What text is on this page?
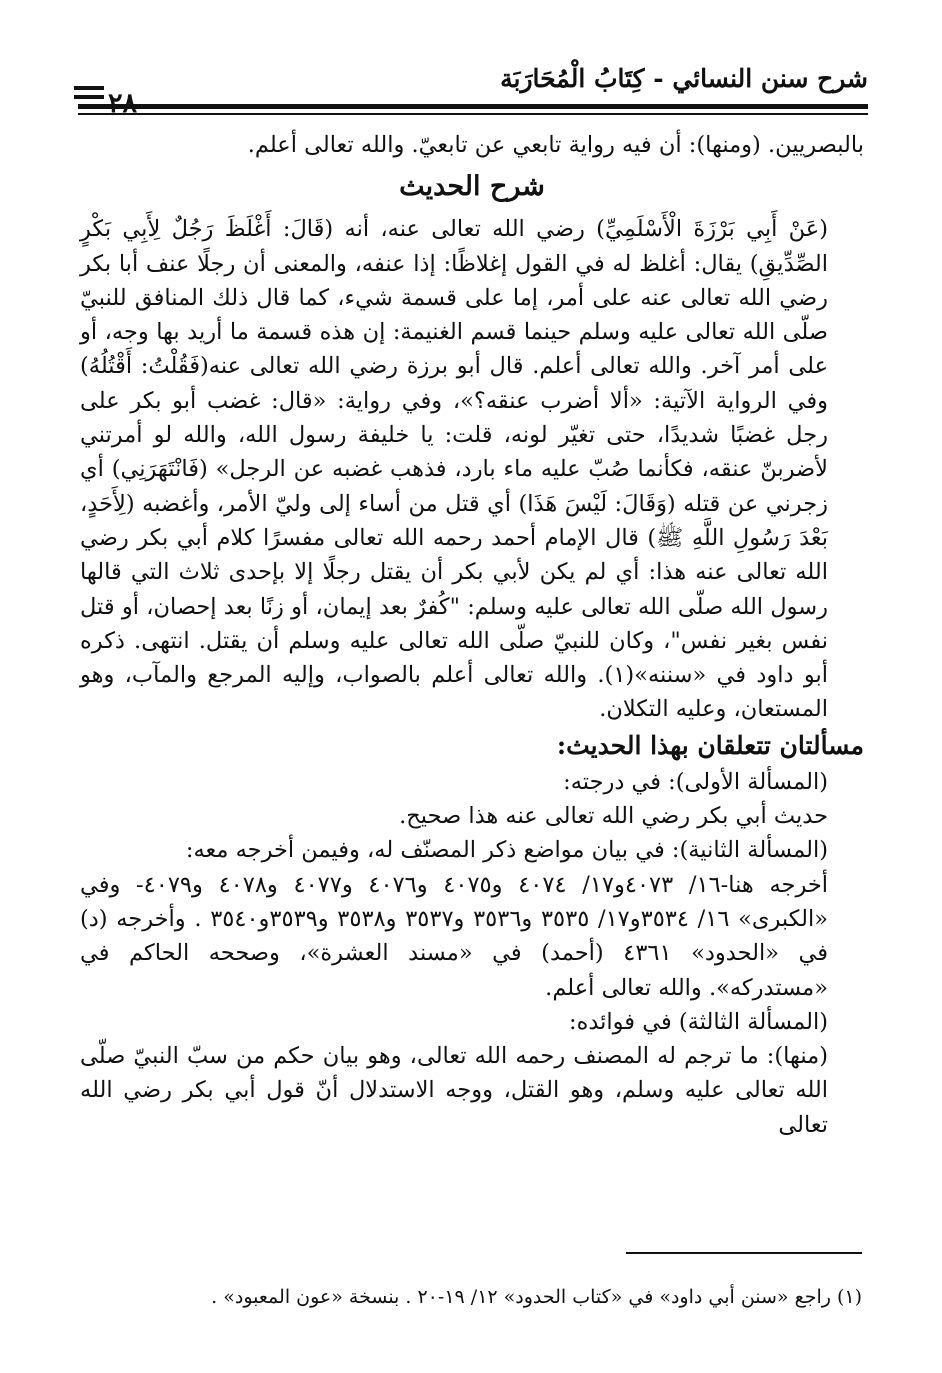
شرح سنن النسائي - كِتَابُ الْمُحَارَبَة

بالبصريين. (ومنها): أن فيه رواية تابعي عن تابعيّ. والله تعالى أعلم.

شرح الحديث

(عَنْ أَبِي بَرْزَةَ الْأَسْلَمِيِّ) رضي الله تعالى عنه، أنه (قَالَ: أَغْلَظَ رَجُلٌ لِأَبِي بَكْرٍ الصِّدِّيقِ) يقال: أغلظ له في القول إغلاظًا: إذا عنفه، والمعنى أن رجلًا عنف أبا بكر رضي الله تعالى عنه على أمر، إما على قسمة شيء، كما قال ذلك المنافق للنبيّ صلّى الله تعالى عليه وسلم حينما قسم الغنيمة: إن هذه قسمة ما أريد بها وجه، أو على أمر آخر. والله تعالى أعلم. قال أبو برزة رضي الله تعالى عنه(فَقُلْتُ: أَقْتُلُهُ) وفي الرواية الآتية: «ألا أضرب عنقه؟»، وفي رواية: «قال: غضب أبو بكر على رجل غضبًا شديدًا، حتى تغيّر لونه، قلت: يا خليفة رسول الله، والله لو أمرتني لأضربنّ عنقه، فكأنما صُبّ عليه ماء بارد، فذهب غضبه عن الرجل» (فَانْتَهَرَنِي) أي زجرني عن قتله (وَقَالَ: لَيْسَ هَذَا) أي قتل من أساء إلى وليّ الأمر، وأغضبه (لِأَحَدٍ، بَعْدَ رَسُولِ اللَّهِ ﷺ) قال الإمام أحمد رحمه الله تعالى مفسرًا كلام أبي بكر رضي الله تعالى عنه هذا: أي لم يكن لأبي بكر أن يقتل رجلًا إلا بإحدى ثلاث التي قالها رسول الله صلّى الله تعالى عليه وسلم: "كُفرٌ بعد إيمان، أو زنًا بعد إحصان، أو قتل نفس بغير نفس"، وكان للنبيّ صلّى الله تعالى عليه وسلم أن يقتل. انتهى. ذكره أبو داود في «سننه»(١). والله تعالى أعلم بالصواب، وإليه المرجع والمآب، وهو المستعان، وعليه التكلان.

مسألتان تتعلقان بهذا الحديث:

(المسألة الأولى): في درجته:

حديث أبي بكر رضي الله تعالى عنه هذا صحيح.

(المسألة الثانية): في بيان مواضع ذكر المصنّف له، وفيمن أخرجه معه:

أخرجه هنا-١٦/ ٤٠٧٣و١٧/ ٤٠٧٤ و٤٠٧٥ و٤٠٧٦ و٤٠٧٧ و٤٠٧٨ و٤٠٧٩- وفي «الكبرى» ١٦/ ٣٥٣٤و١٧/ ٣٥٣٥ و٣٥٣٦ و٣٥٣٧ و٣٥٣٨ و٣٥٣٩و٣٥٤٠ . وأخرجه (د) في «الحدود» ٤٣٦١ (أحمد) في «مسند العشرة»، وصححه الحاكم في «مستدركه». والله تعالى أعلم.

(المسألة الثالثة) في فوائده:

(منها): ما ترجم له المصنف رحمه الله تعالى، وهو بيان حكم من سبّ النبيّ صلّى الله تعالى عليه وسلم، وهو القتل، ووجه الاستدلال أنّ قول أبي بكر رضي الله تعالى

(١) راجع «سنن أبي داود» في «كتاب الحدود» ١٢/ ١٩-٢٠ . بنسخة «عون المعبود» .
